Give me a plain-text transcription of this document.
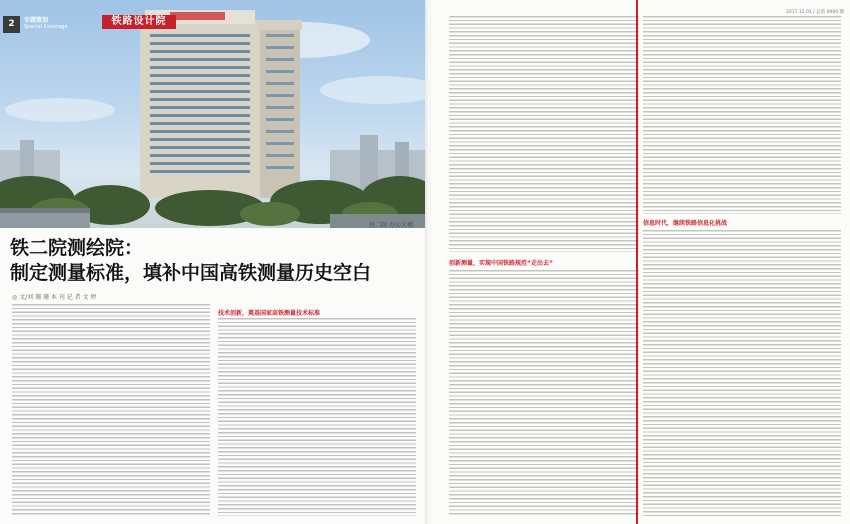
2	专题策划
Special Coverage	铁路设计院
铁二院 办公大楼
铁二院测绘院：
制定测量标准，填补中国高铁测量历史空白
◎ 文/刘 珊 珊 本 刊 记 者 文 婷
技术创新，奠基国家高铁测量技术标准
2017.12.01 / 总第 0000 期
创新测量，实现中国铁路规范“走出去”
信息时代，继续铁路信息化挑战
